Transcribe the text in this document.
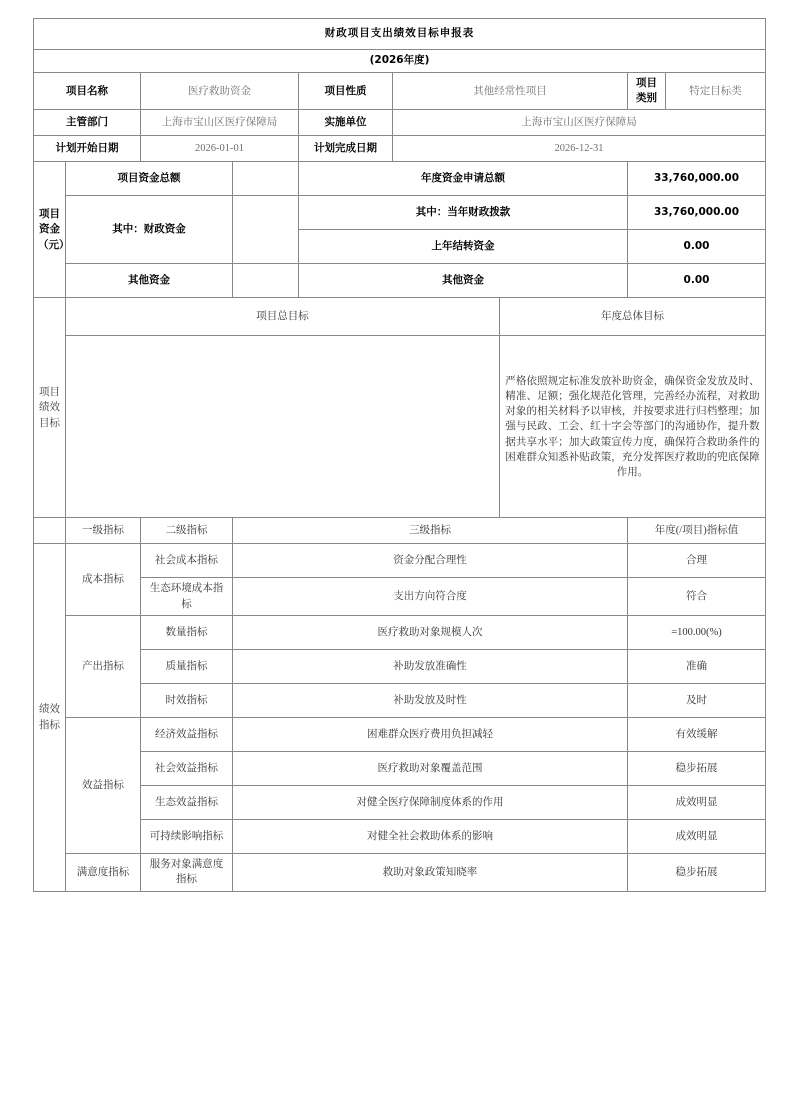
财政项目支出绩效目标申报表								
(2026年度)								
项目名称		医疗救助资金		项目性质	其他经常性项目		项目类别	特定目标类
主管部门		上海市宝山区医疗保障局		实施单位	上海市宝山区医疗保障局			
计划开始日期		2026-01-01		计划完成日期	2026-12-31			
项目资金
（元）	项目资金总额			年度资金申请总额			33,760,000.00	
	其中：财政资金			其中：当年财政拨款			33,760,000.00	
				上年结转资金			0.00	
	其他资金			其他资金			0.00	
项目绩效目标	项目总目标					年度总体目标		
						严格依照规定标准发放补助资金，确保资金发放及时、精准、足额；强化规范化管理，完善经办流程，对救助对象的相关材料予以审核，并按要求进行归档整理；加强与民政、工会、红十字会等部门的沟通协作，提升数据共享水平；加大政策宣传力度，确保符合救助条件的困难群众知悉补贴政策，充分发挥医疗救助的兜底保障作用。		
	一级指标	二级指标	三级指标				年度(/项目)指标值	
绩效指标	成本指标	社会成本指标	资金分配合理性				合理	
		生态环境成本指标	支出方向符合度				符合	
	产出指标	数量指标	医疗救助对象规模人次				=100.00(%)	
		质量指标	补助发放准确性				准确	
		时效指标	补助发放及时性				及时	
	效益指标	经济效益指标	困难群众医疗费用负担减轻				有效缓解	
		社会效益指标	医疗救助对象覆盖范围				稳步拓展	
		生态效益指标	对健全医疗保障制度体系的作用				成效明显	
		可持续影响指标	对健全社会救助体系的影响				成效明显	
	满意度指标	服务对象满意度指标	救助对象政策知晓率				稳步拓展	
